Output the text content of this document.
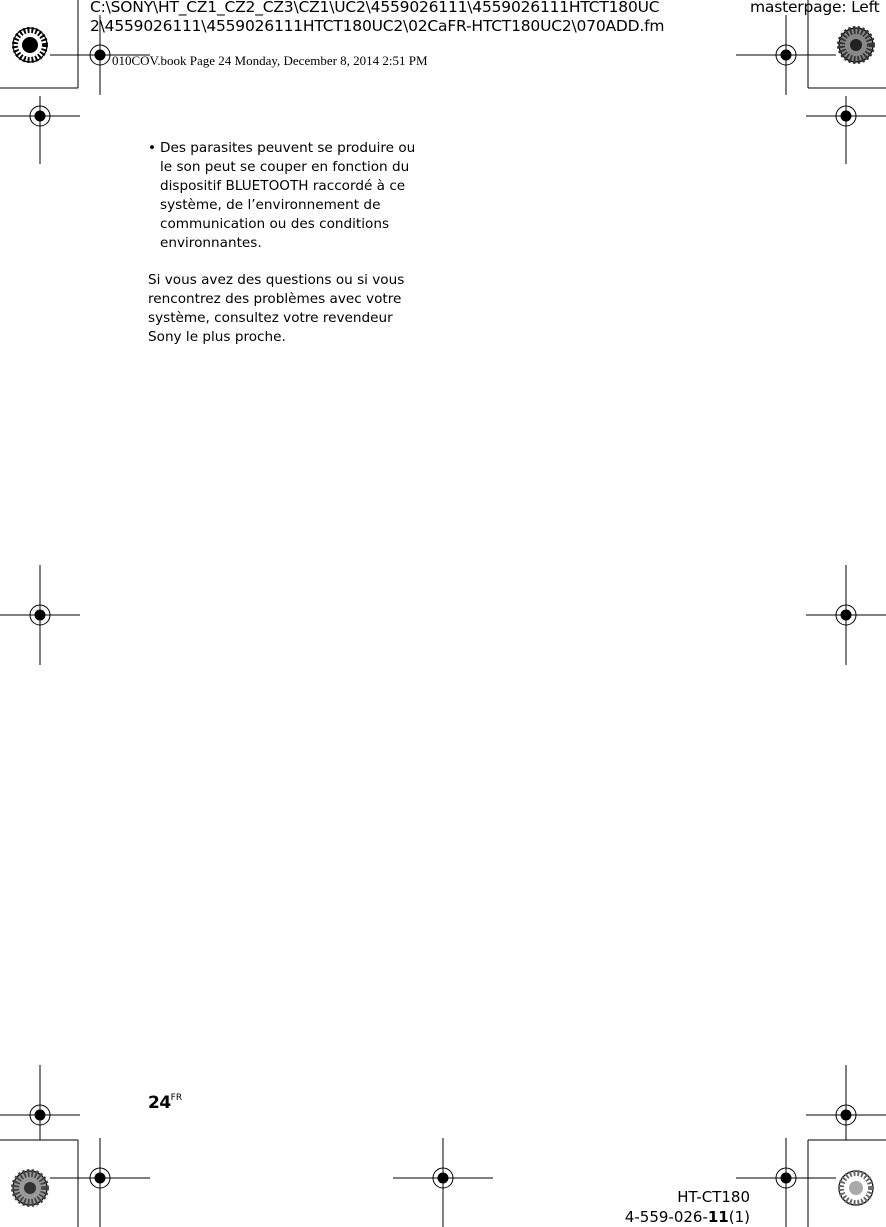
C:\SONY\HT_CZ1_CZ2_CZ3\CZ1\UC2\4559026111\4559026111HTCT180UC
2\4559026111\4559026111HTCT180UC2\02CaFR-HTCT180UC2\070ADD.fm
masterpage: Left
010COV.book Page 24 Monday, December 8, 2014 2:51 PM
• Des parasites peuvent se produire ou
le son peut se couper en fonction du
dispositif BLUETOOTH raccordé à ce
système, de l’environnement de
communication ou des conditions
environnantes.
Si vous avez des questions ou si vous
rencontrez des problèmes avec votre
système, consultez votre revendeur
Sony le plus proche.
$24^{FR}$
HT-CT180
4-559-026-11(1)
